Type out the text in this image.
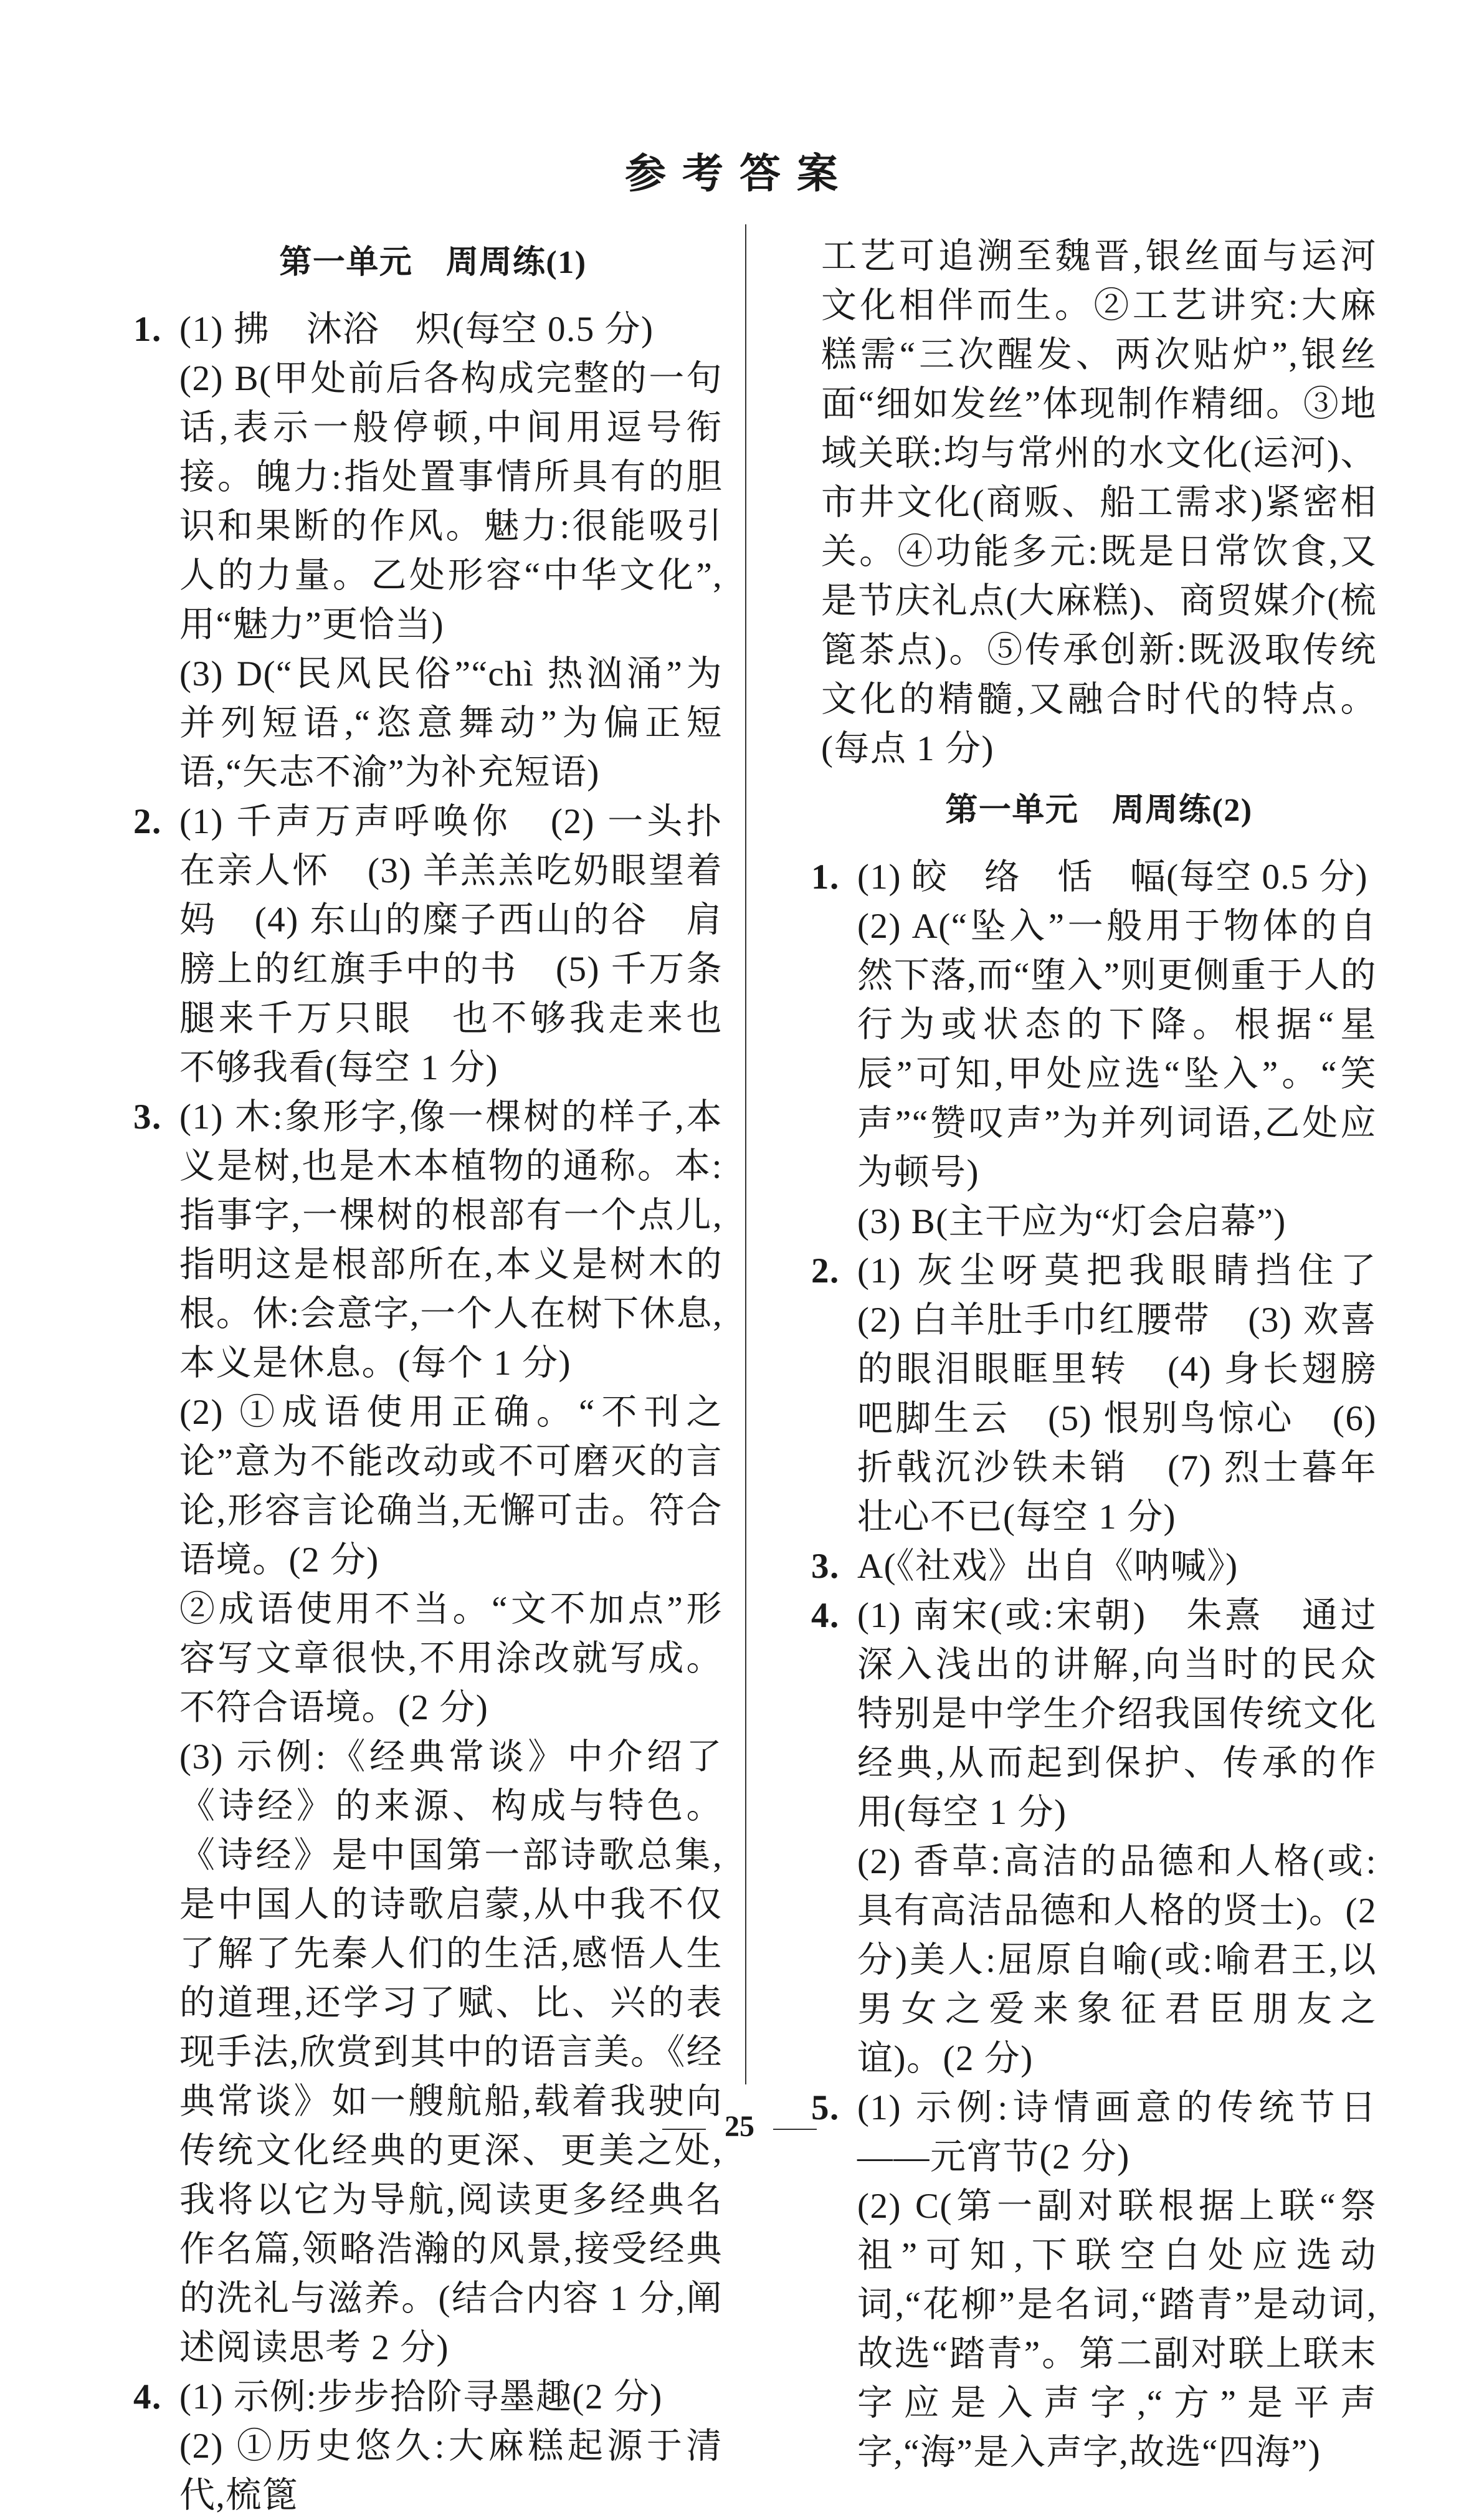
参考答案
第一单元　周周练(1)
1. (1) 拂　沐浴　炽(每空 0.5 分)

(2) B(甲处前后各构成完整的一句话,表示一般停顿,中间用逗号衔接。魄力:指处置事情所具有的胆识和果断的作风。魅力:很能吸引人的力量。乙处形容“中华文化”,用“魅力”更恰当)

(3) D(“民风民俗”“chì 热汹涌”为并列短语,“恣意舞动”为偏正短语,“矢志不渝”为补充短语)

2. (1) 千声万声呼唤你　(2) 一头扑在亲人怀　(3) 羊羔羔吃奶眼望着妈　(4) 东山的糜子西山的谷　肩膀上的红旗手中的书　(5) 千万条腿来千万只眼　也不够我走来也不够我看(每空 1 分)

3. (1) 木:象形字,像一棵树的样子,本义是树,也是木本植物的通称。本:指事字,一棵树的根部有一个点儿,指明这是根部所在,本义是树木的根。休:会意字,一个人在树下休息,本义是休息。(每个 1 分)

(2) ①成语使用正确。“不刊之论”意为不能改动或不可磨灭的言论,形容言论确当,无懈可击。符合语境。(2 分)

②成语使用不当。“文不加点”形容写文章很快,不用涂改就写成。不符合语境。(2 分)

(3) 示例:《经典常谈》中介绍了《诗经》的来源、构成与特色。《诗经》是中国第一部诗歌总集,是中国人的诗歌启蒙,从中我不仅了解了先秦人们的生活,感悟人生的道理,还学习了赋、比、兴的表现手法,欣赏到其中的语言美。《经典常谈》如一艘航船,载着我驶向传统文化经典的更深、更美之处,我将以它为导航,阅读更多经典名作名篇,领略浩瀚的风景,接受经典的洗礼与滋养。(结合内容 1 分,阐述阅读思考 2 分)

4. (1) 示例:步步拾阶寻墨趣(2 分)

(2) ①历史悠久:大麻糕起源于清代,梳篦

工艺可追溯至魏晋,银丝面与运河文化相伴而生。②工艺讲究:大麻糕需“三次醒发、两次贴炉”,银丝面“细如发丝”体现制作精细。③地域关联:均与常州的水文化(运河)、市井文化(商贩、船工需求)紧密相关。④功能多元:既是日常饮食,又是节庆礼点(大麻糕)、商贸媒介(梳篦茶点)。⑤传承创新:既汲取传统文化的精髓,又融合时代的特点。(每点 1 分)

第一单元　周周练(2)
1. (1) 皎　络　恬　幅(每空 0.5 分)

(2) A(“坠入”一般用于物体的自然下落,而“堕入”则更侧重于人的行为或状态的下降。根据“星辰”可知,甲处应选“坠入”。“笑声”“赞叹声”为并列词语,乙处应为顿号)

(3) B(主干应为“灯会启幕”)

2. (1) 灰尘呀莫把我眼睛挡住了　(2) 白羊肚手巾红腰带　(3) 欢喜的眼泪眼眶里转　(4) 身长翅膀吧脚生云　(5) 恨别鸟惊心　(6) 折戟沉沙铁未销　(7) 烈士暮年　壮心不已(每空 1 分)

3. A(《社戏》出自《呐喊》)

4. (1) 南宋(或:宋朝)　朱熹　通过深入浅出的讲解,向当时的民众特别是中学生介绍我国传统文化经典,从而起到保护、传承的作用(每空 1 分)

(2) 香草:高洁的品德和人格(或:具有高洁品德和人格的贤士)。(2 分)美人:屈原自喻(或:喻君王,以男女之爱来象征君臣朋友之谊)。(2 分)

5. (1) 示例:诗情画意的传统节日——元宵节(2 分)

(2) C(第一副对联根据上联“祭祖”可知,下联空白处应选动词,“花柳”是名词,“踏青”是动词,故选“踏青”。第二副对联上联末字应是入声字,“方”是平声字,“海”是入声字,故选“四海”)

25
